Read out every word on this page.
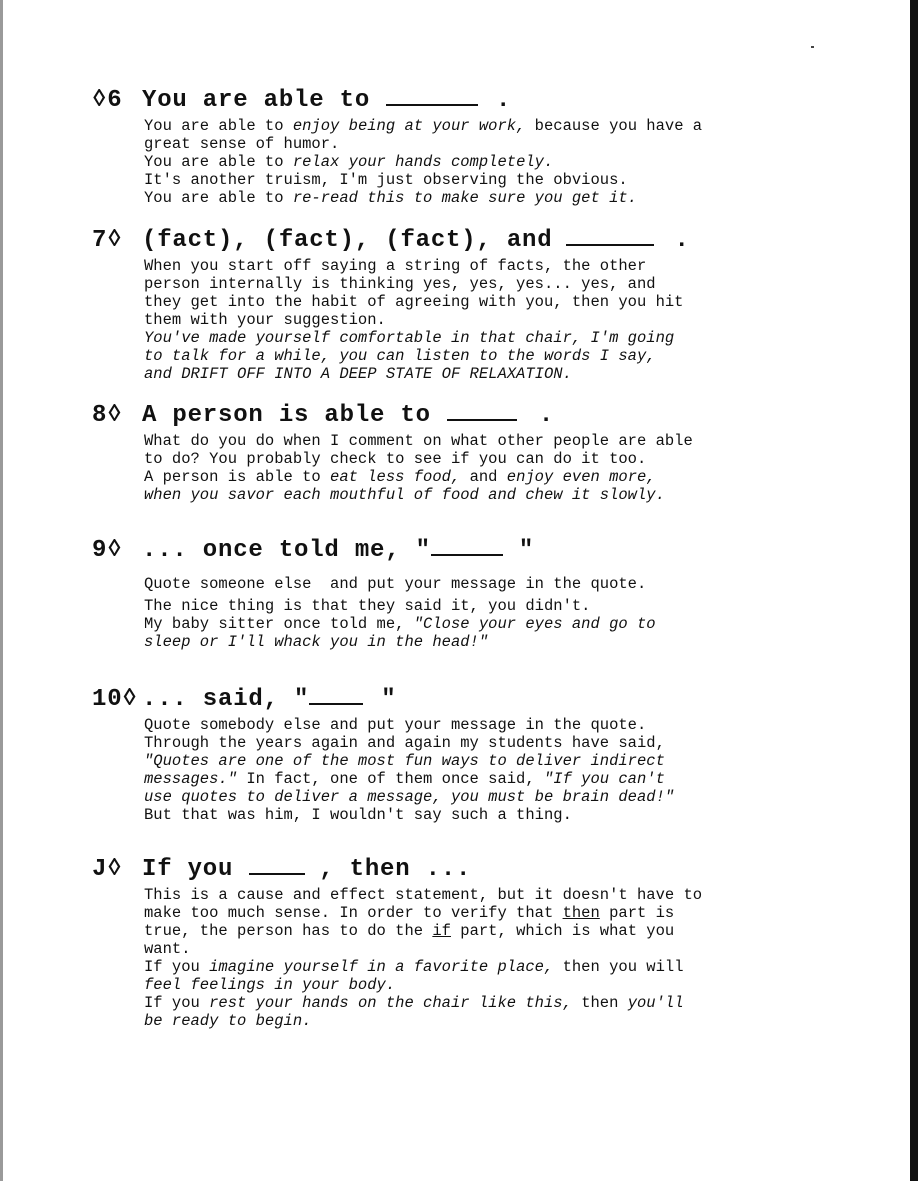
◊6 You are able to	.
You are able to enjoy being at your work, because you have a
great sense of humor.
You are able to relax your hands completely.
It's another truism, I'm just observing the obvious.
You are able to re-read this to make sure you get it.
7◊ (fact), (fact), (fact), and	.
When you start off saying a string of facts, the other
person internally is thinking yes, yes, yes... yes, and
they get into the habit of agreeing with you, then you hit
them with your suggestion.
You've made yourself comfortable in that chair, I'm going
to talk for a while, you can listen to the words I say,
and DRIFT OFF INTO A DEEP STATE OF RELAXATION.
8◊ A person is able to	.
What do you do when I comment on what other people are able
to do? You probably check to see if you can do it too.
A person is able to eat less food, and enjoy even more,
when you savor each mouthful of food and chew it slowly.
9◊ ... once told me, "	"
Quote someone else  and put your message in the quote.
The nice thing is that they said it, you didn't.
My baby sitter once told me, "Close your eyes and go to
sleep or I'll whack you in the head!"
10◊ ... said, "	"
Quote somebody else and put your message in the quote.
Through the years again and again my students have said,
"Quotes are one of the most fun ways to deliver indirect
messages." In fact, one of them once said, "If you can't
use quotes to deliver a message, you must be brain dead!"
But that was him, I wouldn't say such a thing.
J◊ If you	, then ...
This is a cause and effect statement, but it doesn't have to
make too much sense. In order to verify that then part is
true, the person has to do the if part, which is what you
want.
If you imagine yourself in a favorite place, then you will
feel feelings in your body.
If you rest your hands on the chair like this, then you'll
be ready to begin.
